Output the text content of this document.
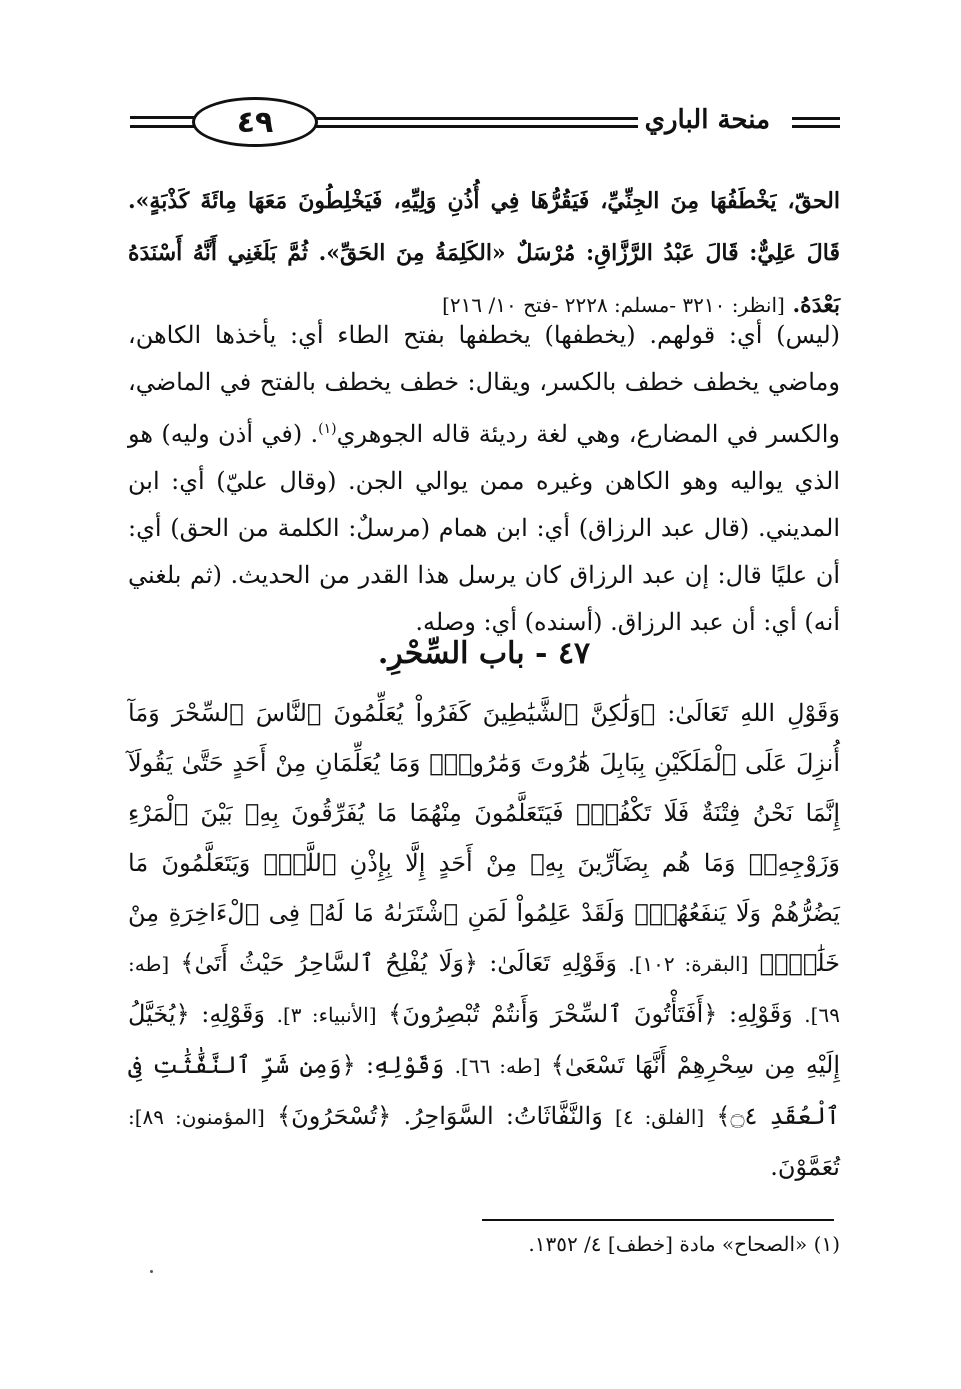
٤٩	منحة الباري
الحقّ، يَخْطَفُهَا مِنَ الجِنِّيِّ، فَيَقُرُّهَا فِي أُذُنِ وَلِيِّهِ، فَيَخْلِطُونَ مَعَهَا مِائَةَ كَذْبَةٍ». قَالَ عَلِيٌّ: قَالَ عَبْدُ الرَّزَّاقِ: مُرْسَلٌ «الكَلِمَةُ مِنَ الحَقِّ». ثُمَّ بَلَغَنِي أَنَّهُ أَسْنَدَهُ بَعْدَهُ. [انظر: ٣٢١٠ -مسلم: ٢٢٢٨ -فتح ١٠/ ٢١٦]

(ليس) أي: قولهم. (يخطفها) يخطفها بفتح الطاء أي: يأخذها الكاهن، وماضي يخطف خطف بالكسر، ويقال: خطف يخطف بالفتح في الماضي، والكسر في المضارع، وهي لغة رديئة قاله الجوهري$^{(١)}$. (في أذن وليه) هو الذي يواليه وهو الكاهن وغيره ممن يوالي الجن. (وقال عليّ) أي: ابن المديني. (قال عبد الرزاق) أي: ابن همام (مرسلٌ: الكلمة من الحق) أي: أن عليًا قال: إن عبد الرزاق كان يرسل هذا القدر من الحديث. (ثم بلغني أنه) أي: أن عبد الرزاق. (أسنده) أي: وصله.

٤٧ - باب السِّحْرِ.
وَقَوْلِ اللهِ تَعَالَىٰ: ﴿وَلَٰكِنَّ ٱلشَّيَٰطِينَ كَفَرُواْ يُعَلِّمُونَ ٱلنَّاسَ ٱلسِّحْرَ وَمَآ أُنزِلَ عَلَى ٱلْمَلَكَيْنِ بِبَابِلَ هَٰرُوتَ وَمَٰرُوتَۚ وَمَا يُعَلِّمَانِ مِنْ أَحَدٍ حَتَّىٰ يَقُولَآ إِنَّمَا نَحْنُ فِتْنَةٌ فَلَا تَكْفُرْۖ فَيَتَعَلَّمُونَ مِنْهُمَا مَا يُفَرِّقُونَ بِهِۦ بَيْنَ ٱلْمَرْءِ وَزَوْجِهِۦۚ وَمَا هُم بِضَآرِّينَ بِهِۦ مِنْ أَحَدٍ إِلَّا بِإِذْنِ ٱللَّهِۚ وَيَتَعَلَّمُونَ مَا يَضُرُّهُمْ وَلَا يَنفَعُهُمْۚ وَلَقَدْ عَلِمُواْ لَمَنِ ٱشْتَرَىٰهُ مَا لَهُۥ فِى ٱلْءَاخِرَةِ مِنْ خَلَٰقٍۚ﴾ [البقرة: ١٠٢]. وَقَوْلِهِ تَعَالَىٰ: ﴿وَلَا يُفْلِحُ ٱلسَّاحِرُ حَيْثُ أَتَىٰ﴾ [طه: ٦٩]. وَقَوْلِهِ: ﴿أَفَتَأْتُونَ ٱلسِّحْرَ وَأَنتُمْ تُبْصِرُونَ﴾ [الأنبياء: ٣]. وَقَوْلِهِ: ﴿يُخَيَّلُ إِلَيْهِ مِن سِحْرِهِمْ أَنَّهَا تَسْعَىٰ﴾ [طه: ٦٦]. وَقَوْلِهِ: ﴿وَمِن شَرِّ ٱلنَّفَّٰثَٰتِ فِى ٱلْعُقَدِ ۝٤﴾ [الفلق: ٤] وَالنَّفَّاثَاتُ: السَّوَاحِرُ. ﴿تُسْحَرُونَ﴾ [المؤمنون: ٨٩]: تُعَمَّوْنَ.
(١) «الصحاح» مادة [خطف] ٤/ ١٣٥٢.
